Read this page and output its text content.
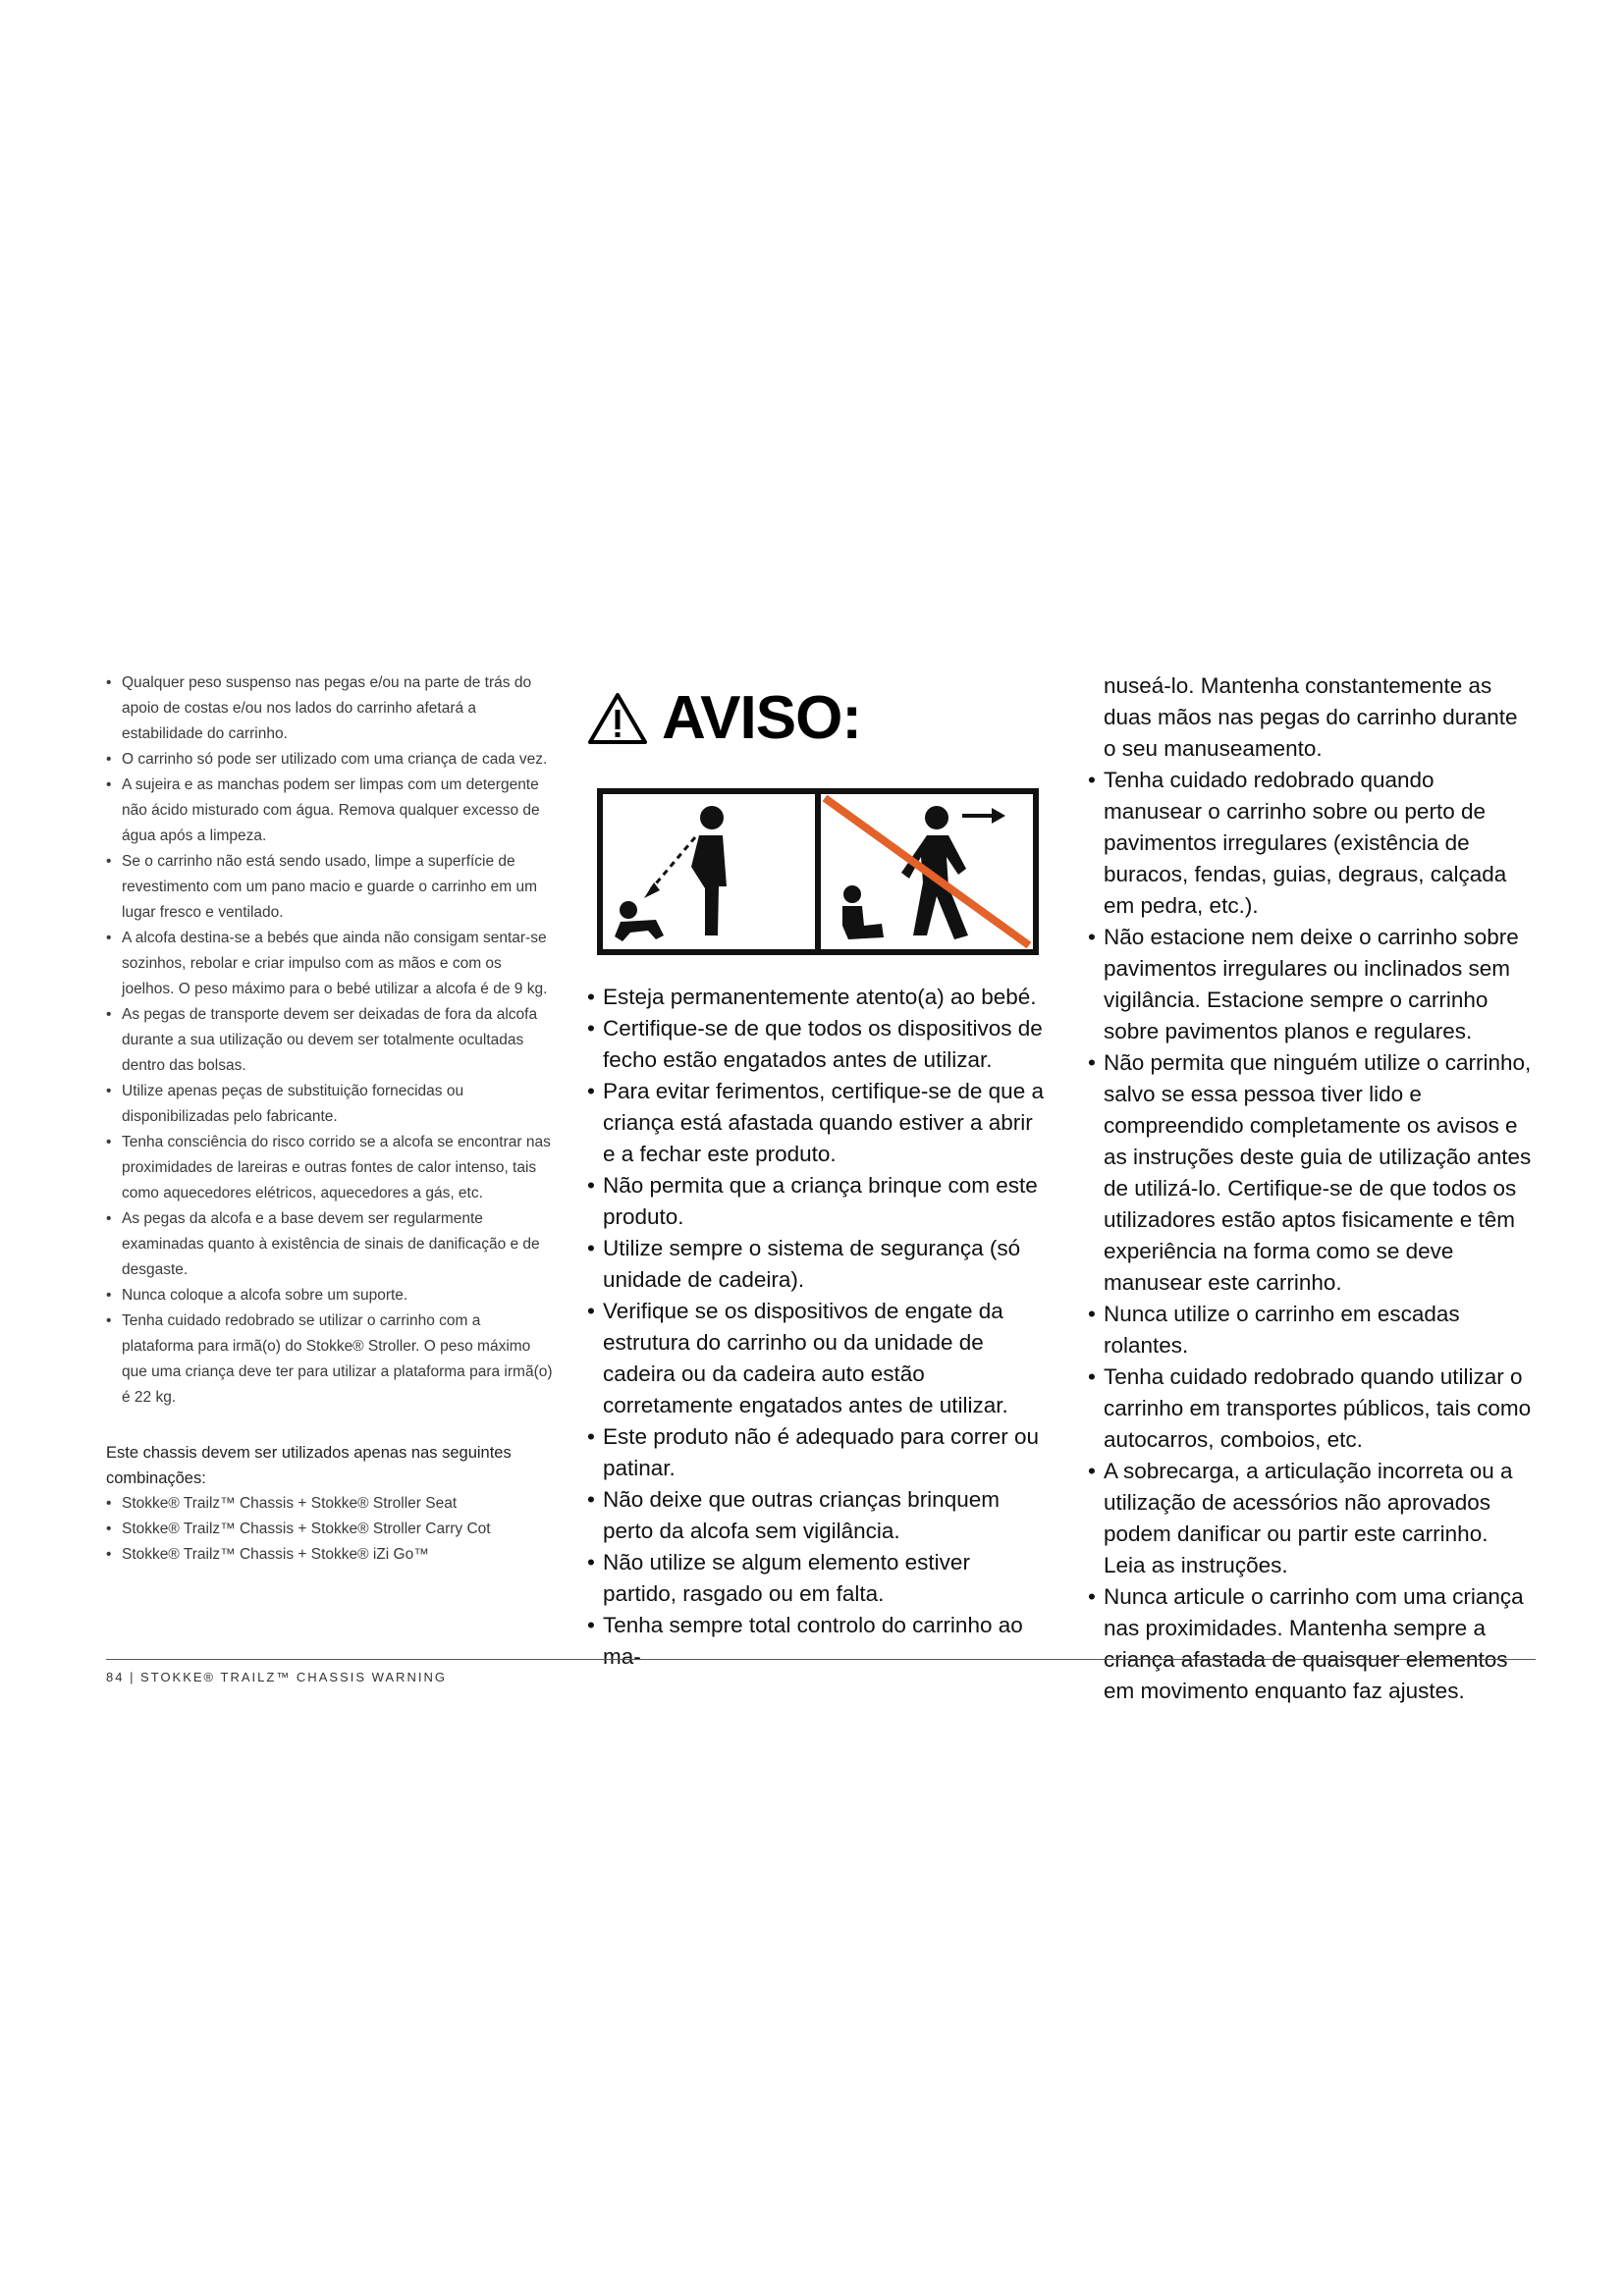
• Qualquer peso suspenso nas pegas e/ou na parte de trás do apoio de costas e/ou nos lados do carrinho afetará a estabilidade do carrinho.
• O carrinho só pode ser utilizado com uma criança de cada vez.
• A sujeira e as manchas podem ser limpas com um detergente não ácido misturado com água. Remova qualquer excesso de água após a limpeza.
• Se o carrinho não está sendo usado, limpe a superfície de revestimento com um pano macio e guarde o carrinho em um lugar fresco e ventilado.
• A alcofa destina-se a bebés que ainda não consigam sentar-se sozinhos, rebolar e criar impulso com as mãos e com os joelhos. O peso máximo para o bebé utilizar a alcofa é de 9 kg.
• As pegas de transporte devem ser deixadas de fora da alcofa durante a sua utilização ou devem ser totalmente ocultadas dentro das bolsas.
• Utilize apenas peças de substituição fornecidas ou disponibilizadas pelo fabricante.
• Tenha consciência do risco corrido se a alcofa se encontrar nas proximidades de lareiras e outras fontes de calor intenso, tais como aquecedores elétricos, aquecedores a gás, etc.
• As pegas da alcofa e a base devem ser regularmente examinadas quanto à existência de sinais de danificação e de desgaste.
• Nunca coloque a alcofa sobre um suporte.
• Tenha cuidado redobrado se utilizar o carrinho com a plataforma para irmã(o) do Stokke® Stroller. O peso máximo que uma criança deve ter para utilizar a plataforma para irmã(o) é 22 kg.
Este chassis devem ser utilizados apenas nas seguintes combinações:
• Stokke® Trailz™ Chassis + Stokke® Stroller Seat
• Stokke® Trailz™ Chassis + Stokke® Stroller Carry Cot
• Stokke® Trailz™ Chassis + Stokke® iZi Go™
AVISO:
• Esteja permanentemente atento(a) ao bebé.
• Certifique-se de que todos os dispositivos de fecho estão engatados antes de utilizar.
• Para evitar ferimentos, certifique-se de que a criança está afastada quando estiver a abrir e a fechar este produto.
• Não permita que a criança brinque com este produto.
• Utilize sempre o sistema de segurança (só unidade de cadeira).
• Verifique se os dispositivos de engate da estrutura do carrinho ou da unidade de cadeira ou da cadeira auto estão corretamente engatados antes de utilizar.
• Este produto não é adequado para correr ou patinar.
• Não deixe que outras crianças brinquem perto da alcofa sem vigilância.
• Não utilize se algum elemento estiver partido, rasgado ou em falta.
• Tenha sempre total controlo do carrinho ao ma-
nuseá-lo. Mantenha constantemente as duas mãos nas pegas do carrinho durante o seu manuseamento.
• Tenha cuidado redobrado quando manusear o carrinho sobre ou perto de pavimentos irregulares (existência de buracos, fendas, guias, degraus, calçada em pedra, etc.).
• Não estacione nem deixe o carrinho sobre pavimentos irregulares ou inclinados sem vigilância. Estacione sempre o carrinho sobre pavimentos planos e regulares.
• Não permita que ninguém utilize o carrinho, salvo se essa pessoa tiver lido e compreendido completamente os avisos e as instruções deste guia de utilização antes de utilizá-lo. Certifique-se de que todos os utilizadores estão aptos fisicamente e têm experiência na forma como se deve manusear este carrinho.
• Nunca utilize o carrinho em escadas rolantes.
• Tenha cuidado redobrado quando utilizar o carrinho em transportes públicos, tais como autocarros, comboios, etc.
• A sobrecarga, a articulação incorreta ou a utilização de acessórios não aprovados podem danificar ou partir este carrinho. Leia as instruções.
• Nunca articule o carrinho com uma criança nas proximidades. Mantenha sempre a criança afastada de quaisquer elementos em movimento enquanto faz ajustes.
84 | STOKKE® TRAILZ™ CHASSIS WARNING
